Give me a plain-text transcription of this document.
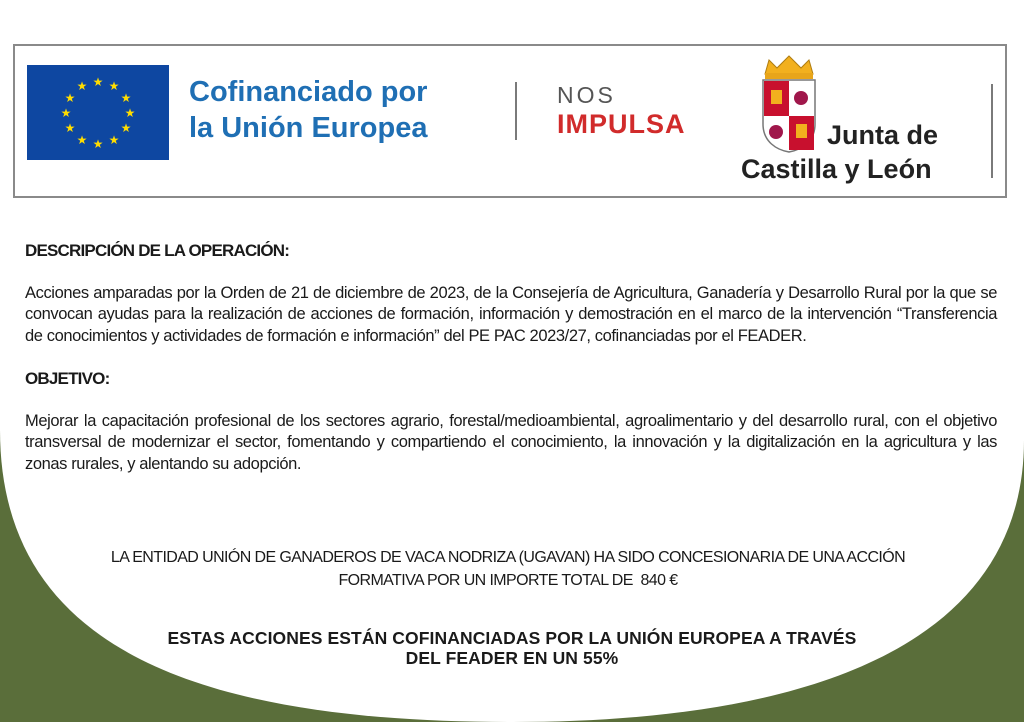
★ ★
★
★
★
★
★
★
★
★
★
★	Cofinanciado por
la Unión Europea
NOS
IMPULSA	Junta de
Castilla y León

DESCRIPCIÓN DE LA OPERACIÓN:

Acciones amparadas por la Orden de 21 de diciembre de 2023, de la Consejería de Agricultura, Ganadería y Desarrollo Rural por la que se convocan ayudas para la realización de acciones de formación, información y demostración en el marco de la intervención “Transferencia de conocimientos y actividades de formación e información” del PE PAC 2023/27, cofinanciadas por el FEADER.

OBJETIVO:

Mejorar la capacitación profesional de los sectores agrario, forestal/medioambiental, agroalimentario y del desarrollo rural, con el objetivo transversal de modernizar el sector, fomentando y compartiendo el conocimiento, la innovación y la digitalización en la agricultura y las zonas rurales, y alentando su adopción.

LA ENTIDAD UNIÓN DE GANADEROS DE VACA NODRIZA (UGAVAN) HA SIDO CONCESIONARIA DE UNA ACCIÓN
FORMATIVA POR UN IMPORTE TOTAL DE  840 €
ESTAS ACCIONES ESTÁN COFINANCIADAS POR LA UNIÓN EUROPEA A TRAVÉS
DEL FEADER EN UN 55%
